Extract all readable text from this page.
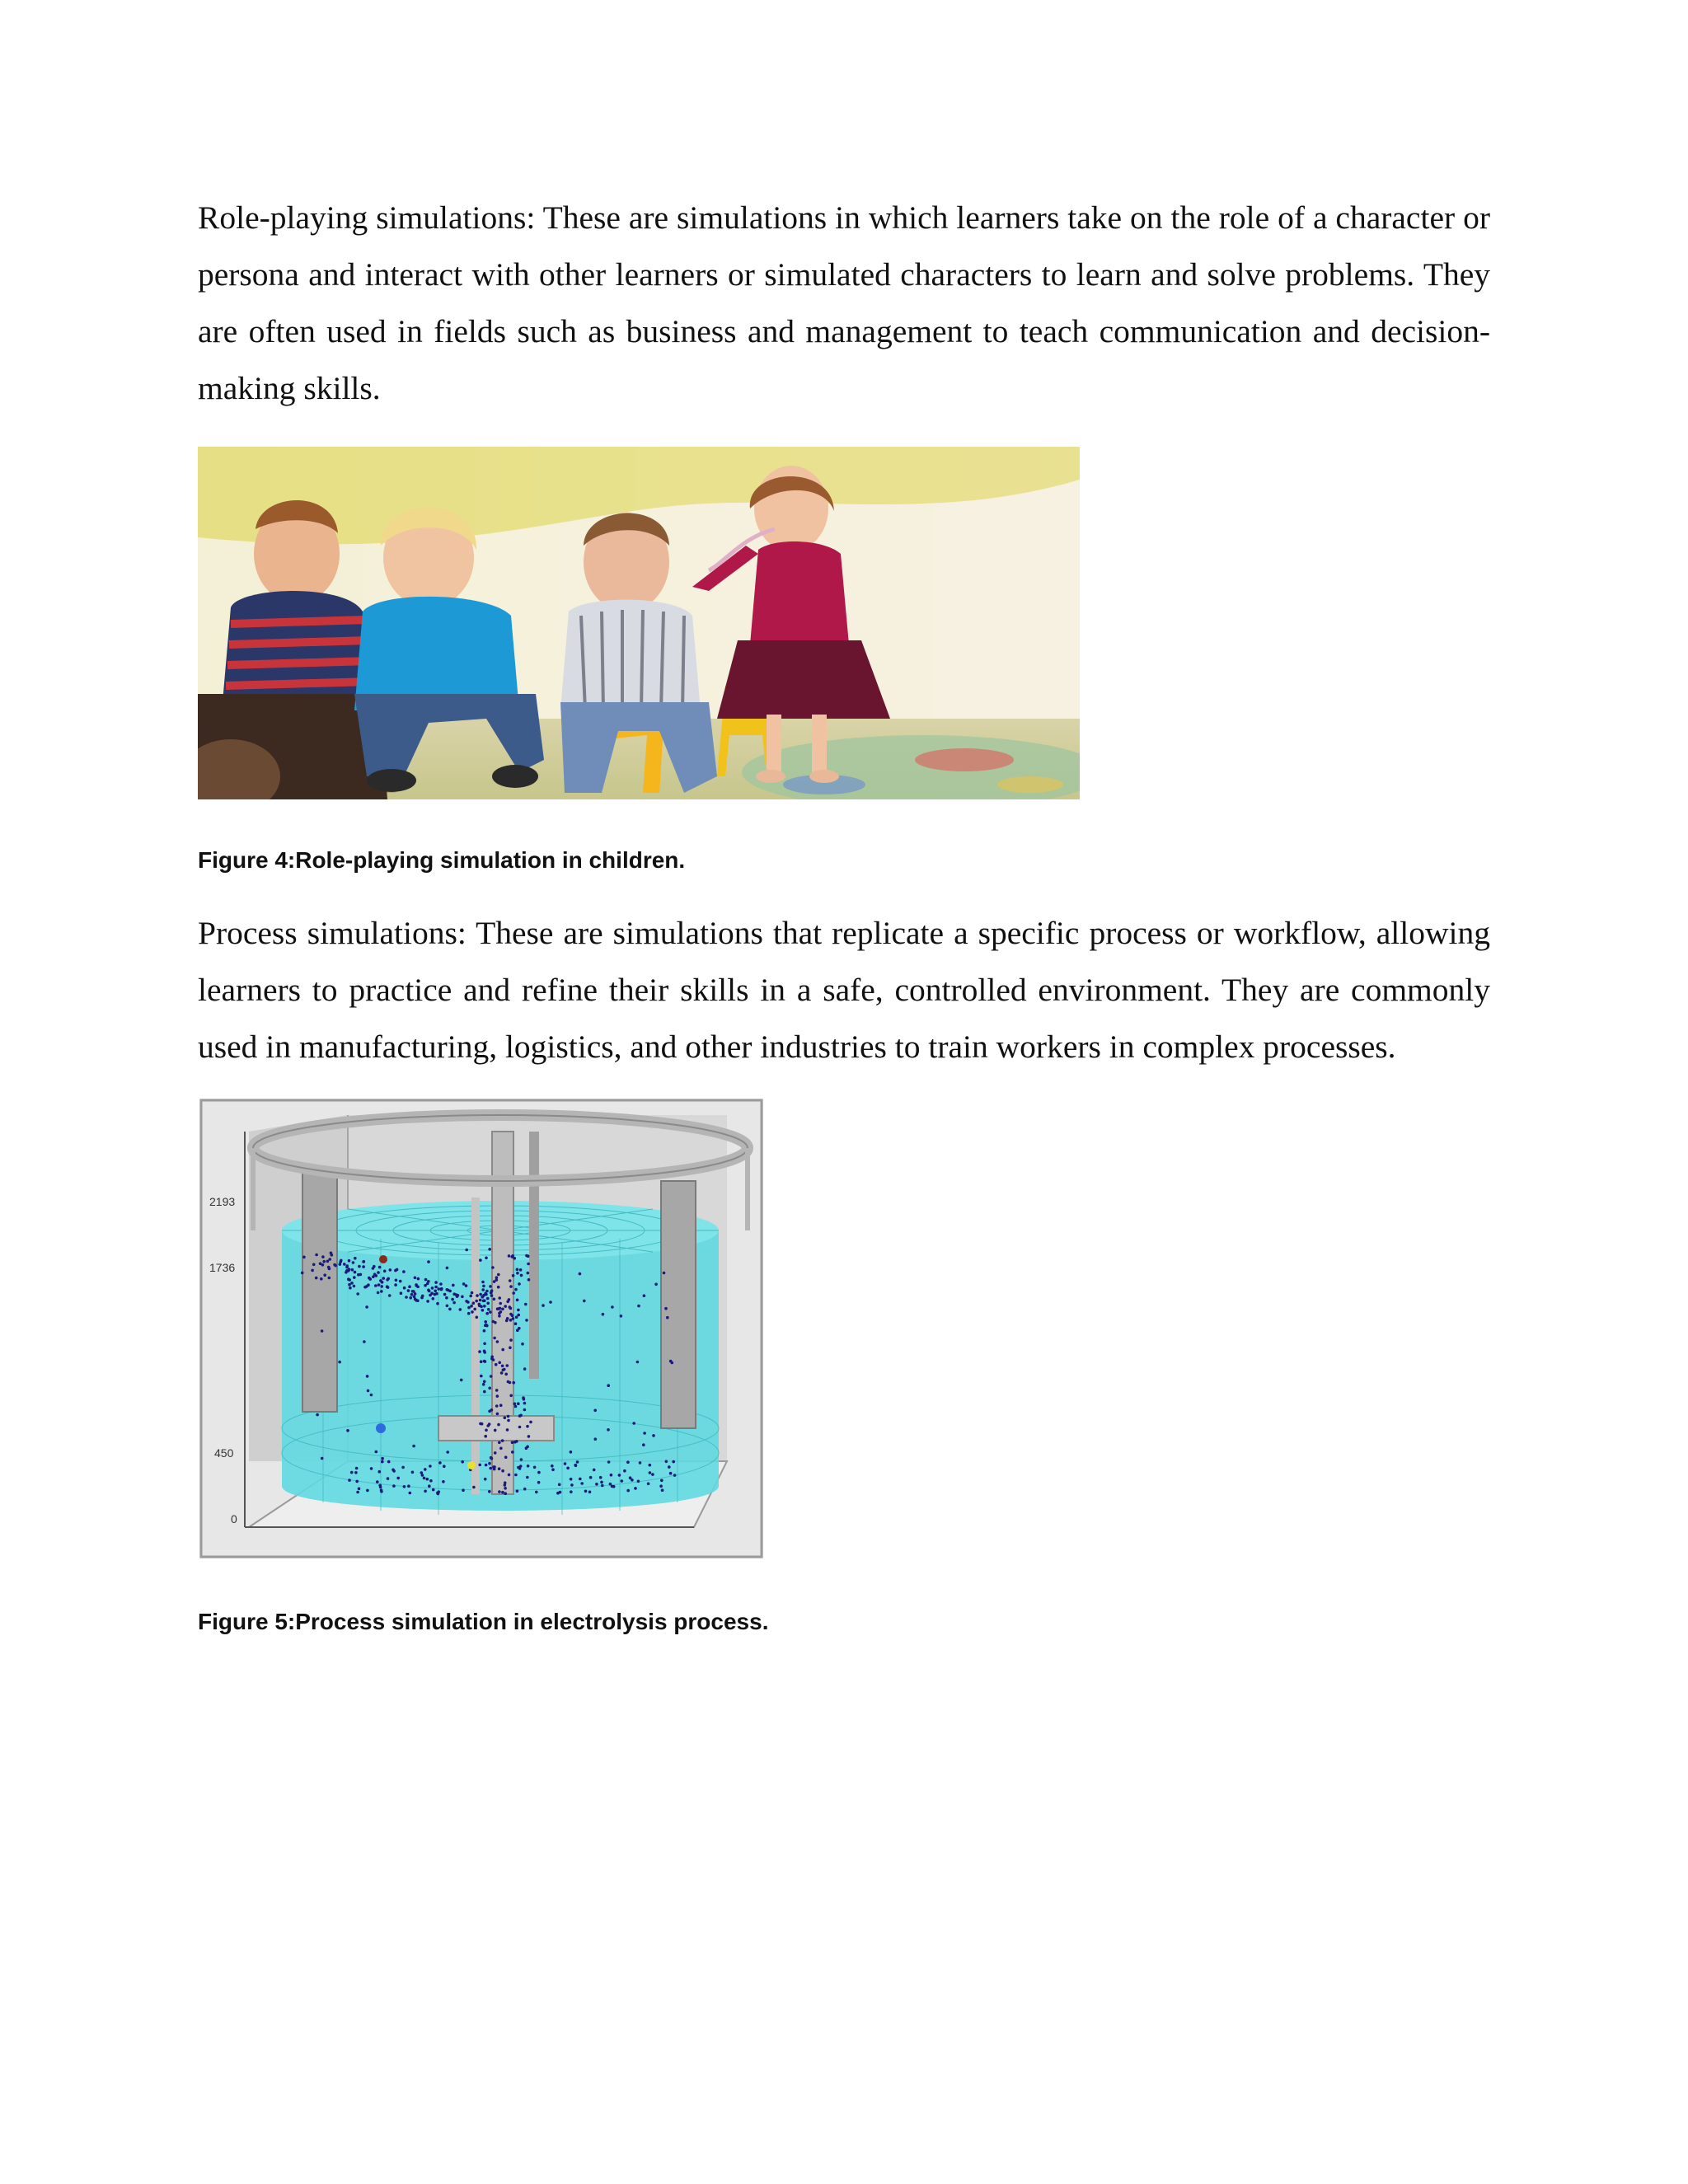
Role-playing simulations: These are simulations in which learners take on the role of a character or persona and interact with other learners or simulated characters to learn and solve problems. They are often used in fields such as business and management to teach communication and decision-making skills.

Figure 4:Role-playing simulation in children.

Process simulations: These are simulations that replicate a specific process or workflow, allowing learners to practice and refine their skills in a safe, controlled environment. They are commonly used in manufacturing, logistics, and other industries to train workers in complex processes.

2193
1736
450
0

Figure 5:Process simulation in electrolysis process.
